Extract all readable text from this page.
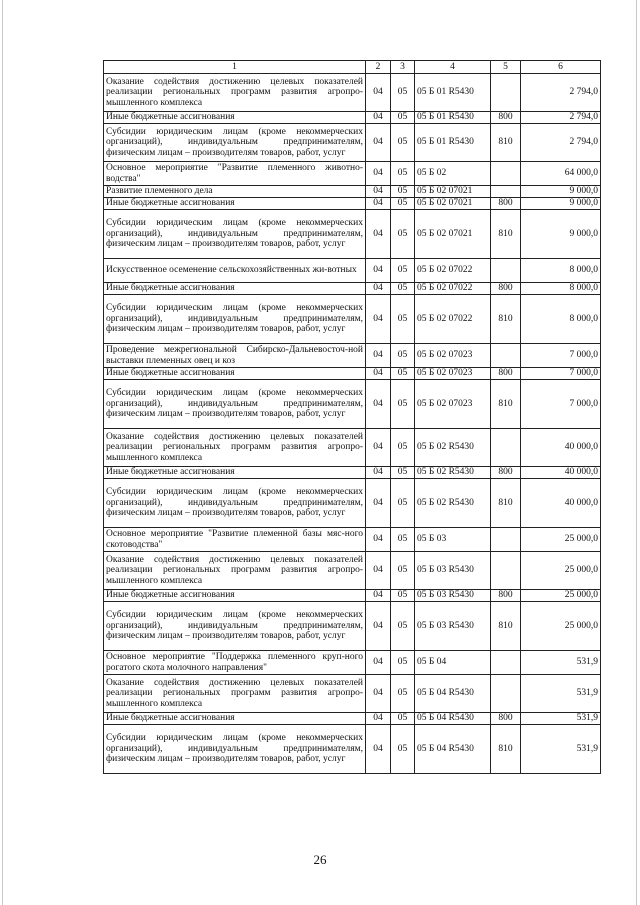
1	2	3	4	5	6
Оказание содействия достижению целевых показателей реализации региональных программ развития агропро-мышленного комплекса	04	05	05 Б 01 R5430		2 794,0
Иные бюджетные ассигнования	04	05	05 Б 01 R5430	800	2 794,0
Субсидии юридическим лицам (кроме некоммерческих организаций), индивидуальным предпринимателям, физическим лицам – производителям товаров, работ, услуг	04	05	05 Б 01 R5430	810	2 794,0
Основное мероприятие "Развитие племенного животно-водства"	04	05	05 Б 02		64 000,0
Развитие племенного дела	04	05	05 Б 02 07021		9 000,0
Иные бюджетные ассигнования	04	05	05 Б 02 07021	800	9 000,0
Субсидии юридическим лицам (кроме некоммерческих организаций), индивидуальным предпринимателям, физическим лицам – производителям товаров, работ, услуг	04	05	05 Б 02 07021	810	9 000,0
Искусственное осеменение сельскохозяйственных жи-вотных	04	05	05 Б 02 07022		8 000,0
Иные бюджетные ассигнования	04	05	05 Б 02 07022	800	8 000,0
Субсидии юридическим лицам (кроме некоммерческих организаций), индивидуальным предпринимателям, физическим лицам – производителям товаров, работ, услуг	04	05	05 Б 02 07022	810	8 000,0
Проведение межрегиональной Сибирско-Дальневосточ-ной выставки племенных овец и коз	04	05	05 Б 02 07023		7 000,0
Иные бюджетные ассигнования	04	05	05 Б 02 07023	800	7 000,0
Субсидии юридическим лицам (кроме некоммерческих организаций), индивидуальным предпринимателям, физическим лицам – производителям товаров, работ, услуг	04	05	05 Б 02 07023	810	7 000,0
Оказание содействия достижению целевых показателей реализации региональных программ развития агропро-мышленного комплекса	04	05	05 Б 02 R5430		40 000,0
Иные бюджетные ассигнования	04	05	05 Б 02 R5430	800	40 000,0
Субсидии юридическим лицам (кроме некоммерческих организаций), индивидуальным предпринимателям, физическим лицам – производителям товаров, работ, услуг	04	05	05 Б 02 R5430	810	40 000,0
Основное мероприятие "Развитие племенной базы мяс-ного скотоводства"	04	05	05 Б 03		25 000,0
Оказание содействия достижению целевых показателей реализации региональных программ развития агропро-мышленного комплекса	04	05	05 Б 03 R5430		25 000,0
Иные бюджетные ассигнования	04	05	05 Б 03 R5430	800	25 000,0
Субсидии юридическим лицам (кроме некоммерческих организаций), индивидуальным предпринимателям, физическим лицам – производителям товаров, работ, услуг	04	05	05 Б 03 R5430	810	25 000,0
Основное мероприятие "Поддержка племенного круп-ного рогатого скота молочного направления"	04	05	05 Б 04		531,9
Оказание содействия достижению целевых показателей реализации региональных программ развития агропро-мышленного комплекса	04	05	05 Б 04 R5430		531,9
Иные бюджетные ассигнования	04	05	05 Б 04 R5430	800	531,9
Субсидии юридическим лицам (кроме некоммерческих организаций), индивидуальным предпринимателям, физическим лицам – производителям товаров, работ, услуг	04	05	05 Б 04 R5430	810	531,9
26
